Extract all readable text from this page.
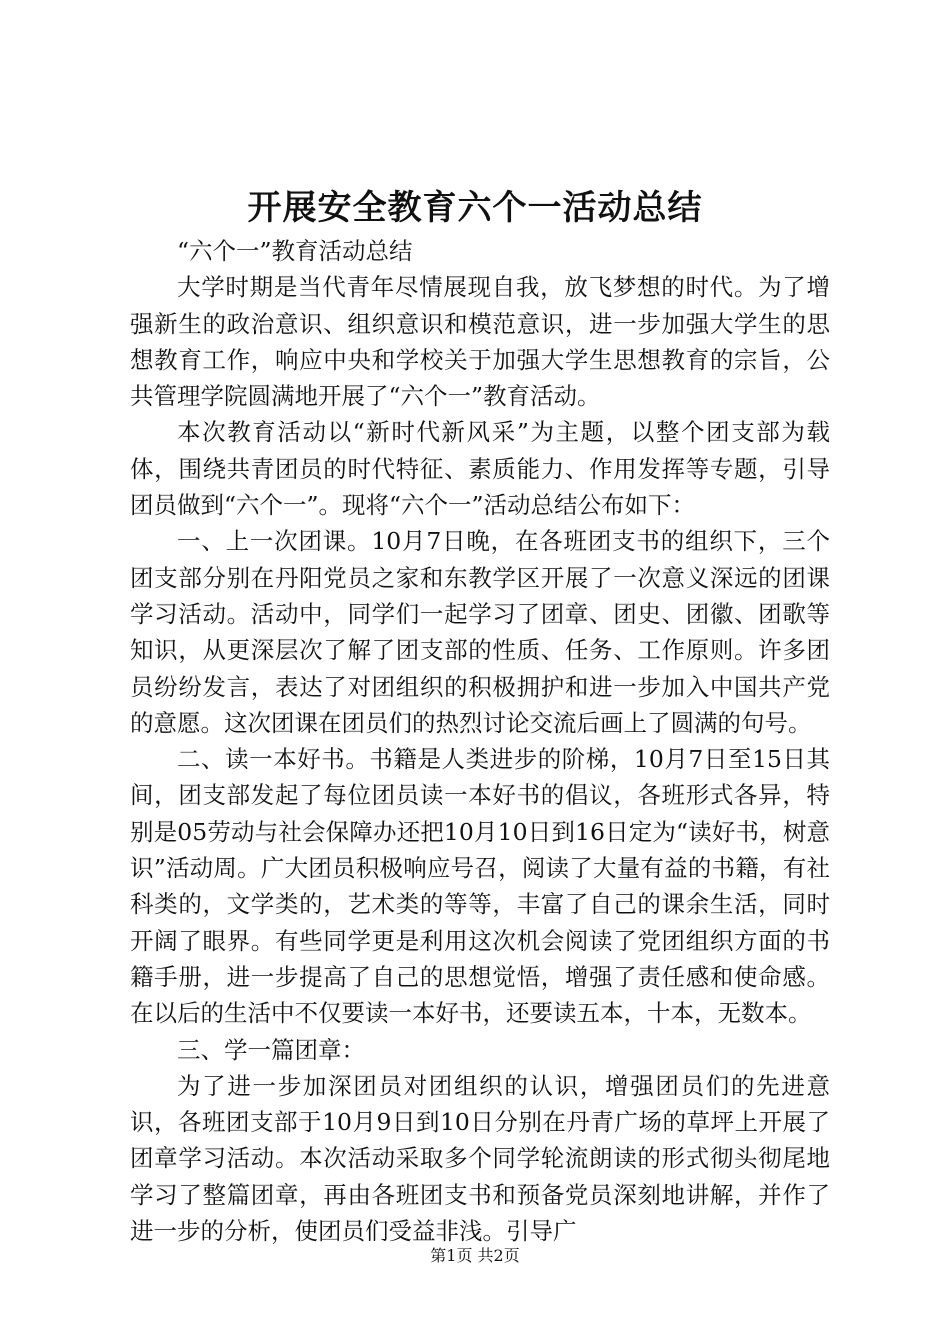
开展安全教育六个一活动总结

“六个一”教育活动总结

大学时期是当代青年尽情展现自我，放飞梦想的时代。为了增强新生的政治意识、组织意识和模范意识，进一步加强大学生的思想教育工作，响应中央和学校关于加强大学生思想教育的宗旨，公共管理学院圆满地开展了“六个一”教育活动。

本次教育活动以“新时代新风采”为主题，以整个团支部为载体，围绕共青团员的时代特征、素质能力、作用发挥等专题，引导团员做到“六个一”。现将“六个一”活动总结公布如下：

一、上一次团课。10月7日晚，在各班团支书的组织下，三个团支部分别在丹阳党员之家和东教学区开展了一次意义深远的团课学习活动。活动中，同学们一起学习了团章、团史、团徽、团歌等知识，从更深层次了解了团支部的性质、任务、工作原则。许多团员纷纷发言，表达了对团组织的积极拥护和进一步加入中国共产党的意愿。这次团课在团员们的热烈讨论交流后画上了圆满的句号。

二、读一本好书。书籍是人类进步的阶梯，10月7日至15日其间，团支部发起了每位团员读一本好书的倡议，各班形式各异，特别是05劳动与社会保障办还把10月10日到16日定为“读好书，树意识”活动周。广大团员积极响应号召，阅读了大量有益的书籍，有社科类的，文学类的，艺术类的等等，丰富了自己的课余生活，同时开阔了眼界。有些同学更是利用这次机会阅读了党团组织方面的书籍手册，进一步提高了自己的思想觉悟，增强了责任感和使命感。在以后的生活中不仅要读一本好书，还要读五本，十本，无数本。

三、学一篇团章：

为了进一步加深团员对团组织的认识，增强团员们的先进意识，各班团支部于10月9日到10日分别在丹青广场的草坪上开展了团章学习活动。本次活动采取多个同学轮流朗读的形式彻头彻尾地学习了整篇团章，再由各班团支书和预备党员深刻地讲解，并作了进一步的分析，使团员们受益非浅。引导广

第1页 共2页
